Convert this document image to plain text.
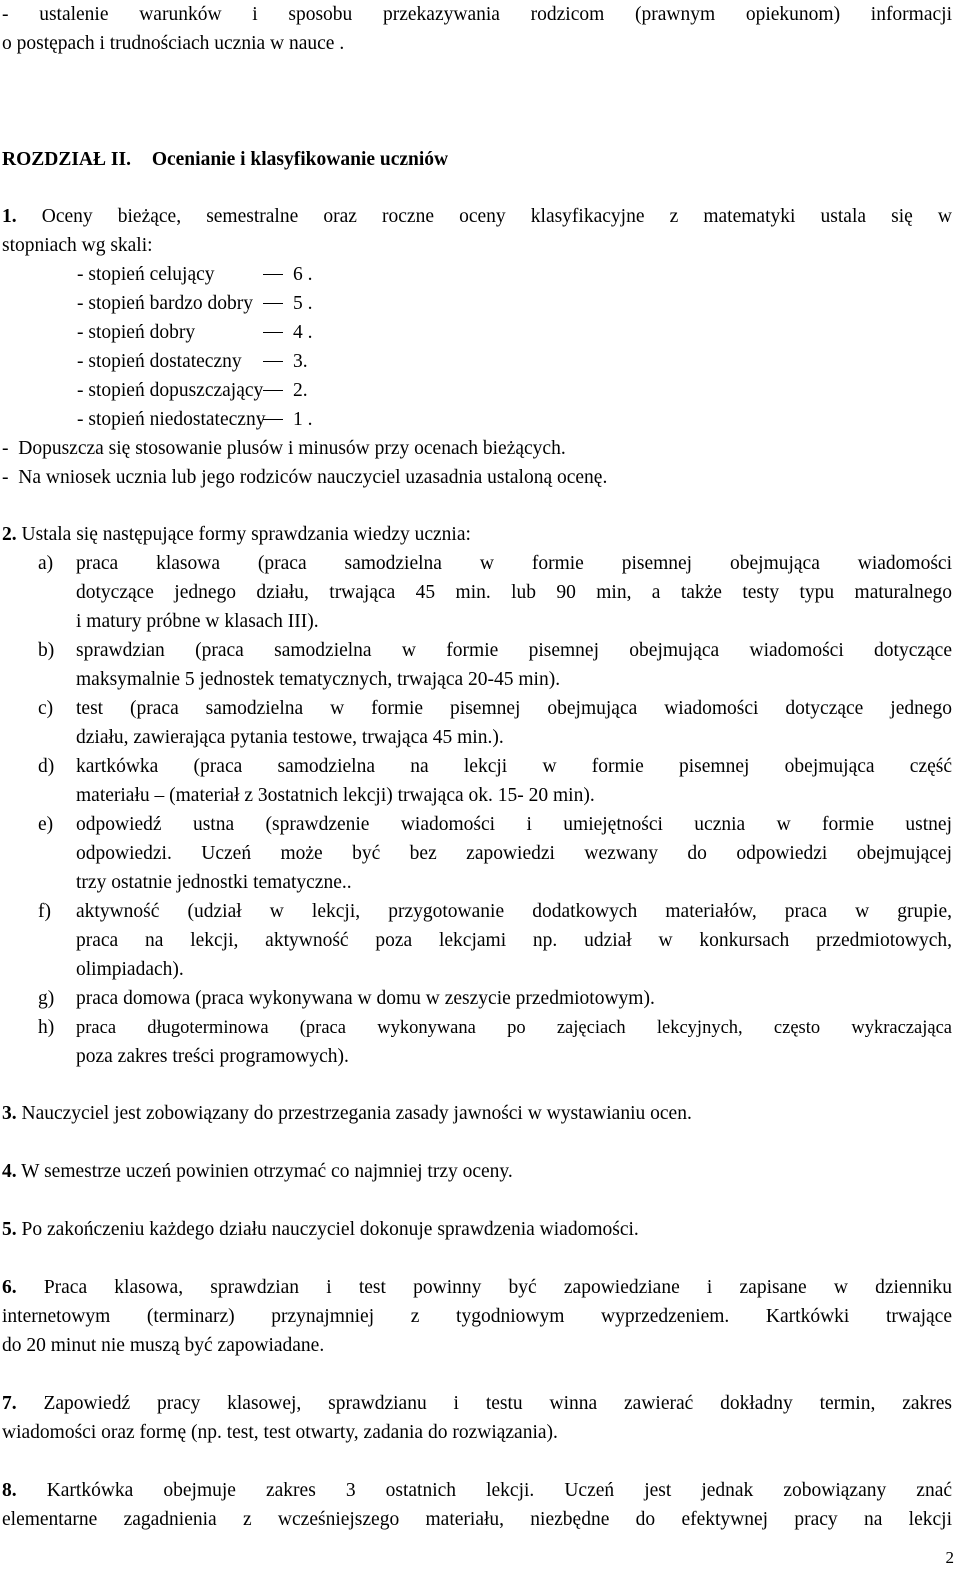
- ustalenie warunków i sposobu przekazywania rodzicom (prawnym opiekunom) informacji
o postępach i trudnościach ucznia w nauce .
ROZDZIAŁ II. Ocenianie i klasyfikowanie uczniów
1. Oceny bieżące, semestralne oraz roczne oceny klasyfikacyjne z matematyki ustala się w
stopniach wg skali:
- stopień celujący	6 .
- stopień bardzo dobry	5 .
- stopień dobry	4 .
- stopień dostateczny	3.
- stopień dopuszczający	2.
- stopień niedostateczny	1 .
-  Dopuszcza się stosowanie plusów i minusów przy ocenach bieżących.
-  Na wniosek ucznia lub jego rodziców nauczyciel uzasadnia ustaloną ocenę.
2. Ustala się następujące formy sprawdzania wiedzy ucznia:
a) praca klasowa (praca samodzielna w formie pisemnej obejmująca wiadomości
dotyczące jednego działu, trwająca 45 min. lub 90 min, a także testy typu maturalnego
i matury próbne w klasach III).
b) sprawdzian (praca samodzielna w formie pisemnej obejmująca wiadomości dotyczące
maksymalnie 5 jednostek tematycznych, trwająca 20-45 min).
c) test (praca samodzielna w formie pisemnej obejmująca wiadomości dotyczące jednego
działu, zawierająca pytania testowe, trwająca 45 min.).
d) kartkówka (praca samodzielna na lekcji w formie pisemnej obejmująca część
materiału – (materiał z 3ostatnich lekcji) trwająca ok. 15- 20 min).
e) odpowiedź ustna (sprawdzenie wiadomości i umiejętności ucznia w formie ustnej
odpowiedzi. Uczeń może być bez zapowiedzi wezwany do odpowiedzi obejmującej
trzy ostatnie jednostki tematyczne..
f) aktywność (udział w lekcji, przygotowanie dodatkowych materiałów, praca w grupie,
praca na lekcji, aktywność poza lekcjami np. udział w konkursach przedmiotowych,
olimpiadach).
g) praca domowa (praca wykonywana w domu w zeszycie przedmiotowym).
h) praca długoterminowa (praca wykonywana po zajęciach lekcyjnych, często wykraczająca
poza zakres treści programowych).
3. Nauczyciel jest zobowiązany do przestrzegania zasady jawności w wystawianiu ocen.
4. W semestrze uczeń powinien otrzymać co najmniej trzy oceny.
5. Po zakończeniu każdego działu nauczyciel dokonuje sprawdzenia wiadomości.
6. Praca klasowa, sprawdzian i test powinny być zapowiedziane i zapisane w dzienniku
internetowym (terminarz) przynajmniej z tygodniowym wyprzedzeniem. Kartkówki trwające
do 20 minut nie muszą być zapowiadane.
7. Zapowiedź pracy klasowej, sprawdzianu i testu winna zawierać dokładny termin, zakres
wiadomości oraz formę (np. test, test otwarty, zadania do rozwiązania).
8. Kartkówka obejmuje zakres 3 ostatnich lekcji. Uczeń jest jednak zobowiązany znać
elementarne zagadnienia z wcześniejszego materiału, niezbędne do efektywnej pracy na lekcji
2
